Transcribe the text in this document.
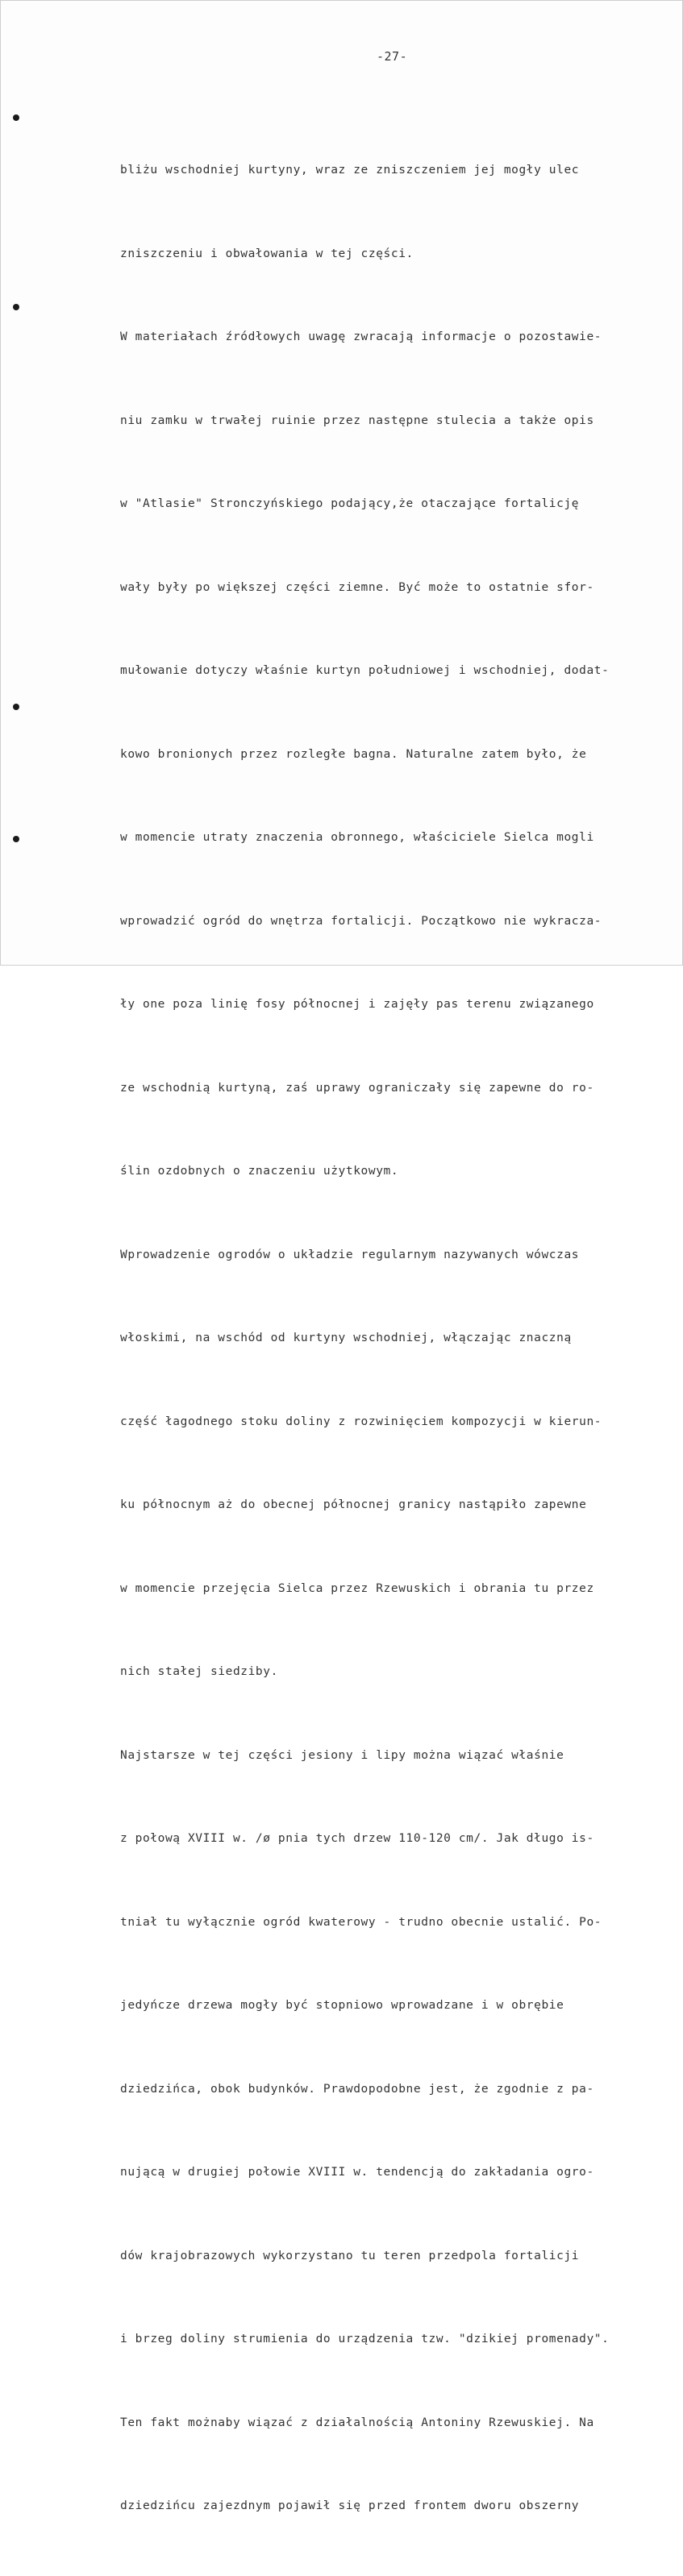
-27-

bliżu wschodniej kurtyny, wraz ze zniszczeniem jej mogły ulec

zniszczeniu i obwałowania w tej części.

W materiałach źródłowych uwagę zwracają informacje o pozostawie-

niu zamku w trwałej ruinie przez następne stulecia a także opis

w "Atlasie" Stronczyńskiego podający,że otaczające fortalicję

wały były po większej części ziemne. Być może to ostatnie sfor-

mułowanie dotyczy właśnie kurtyn południowej i wschodniej, dodat-

kowo bronionych przez rozległe bagna. Naturalne zatem było, że

w momencie utraty znaczenia obronnego, właściciele Sielca mogli

wprowadzić ogród do wnętrza fortalicji. Początkowo nie wykracza-

ły one poza linię fosy północnej i zajęły pas terenu związanego

ze wschodnią kurtyną, zaś uprawy ograniczały się zapewne do ro-

ślin ozdobnych o znaczeniu użytkowym.

Wprowadzenie ogrodów o układzie regularnym nazywanych wówczas

włoskimi, na wschód od kurtyny wschodniej, włączając znaczną

część łagodnego stoku doliny z rozwinięciem kompozycji w kierun-

ku północnym aż do obecnej północnej granicy nastąpiło zapewne

w momencie przejęcia Sielca przez Rzewuskich i obrania tu przez

nich stałej siedziby.

Najstarsze w tej części jesiony i lipy można wiązać właśnie

z połową XVIII w. /ø pnia tych drzew 110-120 cm/. Jak długo is-

tniał tu wyłącznie ogród kwaterowy - trudno obecnie ustalić. Po-

jedyńcze drzewa mogły być stopniowo wprowadzane i w obrębie

dziedzińca, obok budynków. Prawdopodobne jest, że zgodnie z pa-

nującą w drugiej połowie XVIII w. tendencją do zakładania ogro-

dów krajobrazowych wykorzystano tu teren przedpola fortalicji

i brzeg doliny strumienia do urządzenia tzw. "dzikiej promenady".

Ten fakt możnaby wiązać z działalnością Antoniny Rzewuskiej. Na

dziedzińcu zajezdnym pojawił się przed frontem dworu obszerny
